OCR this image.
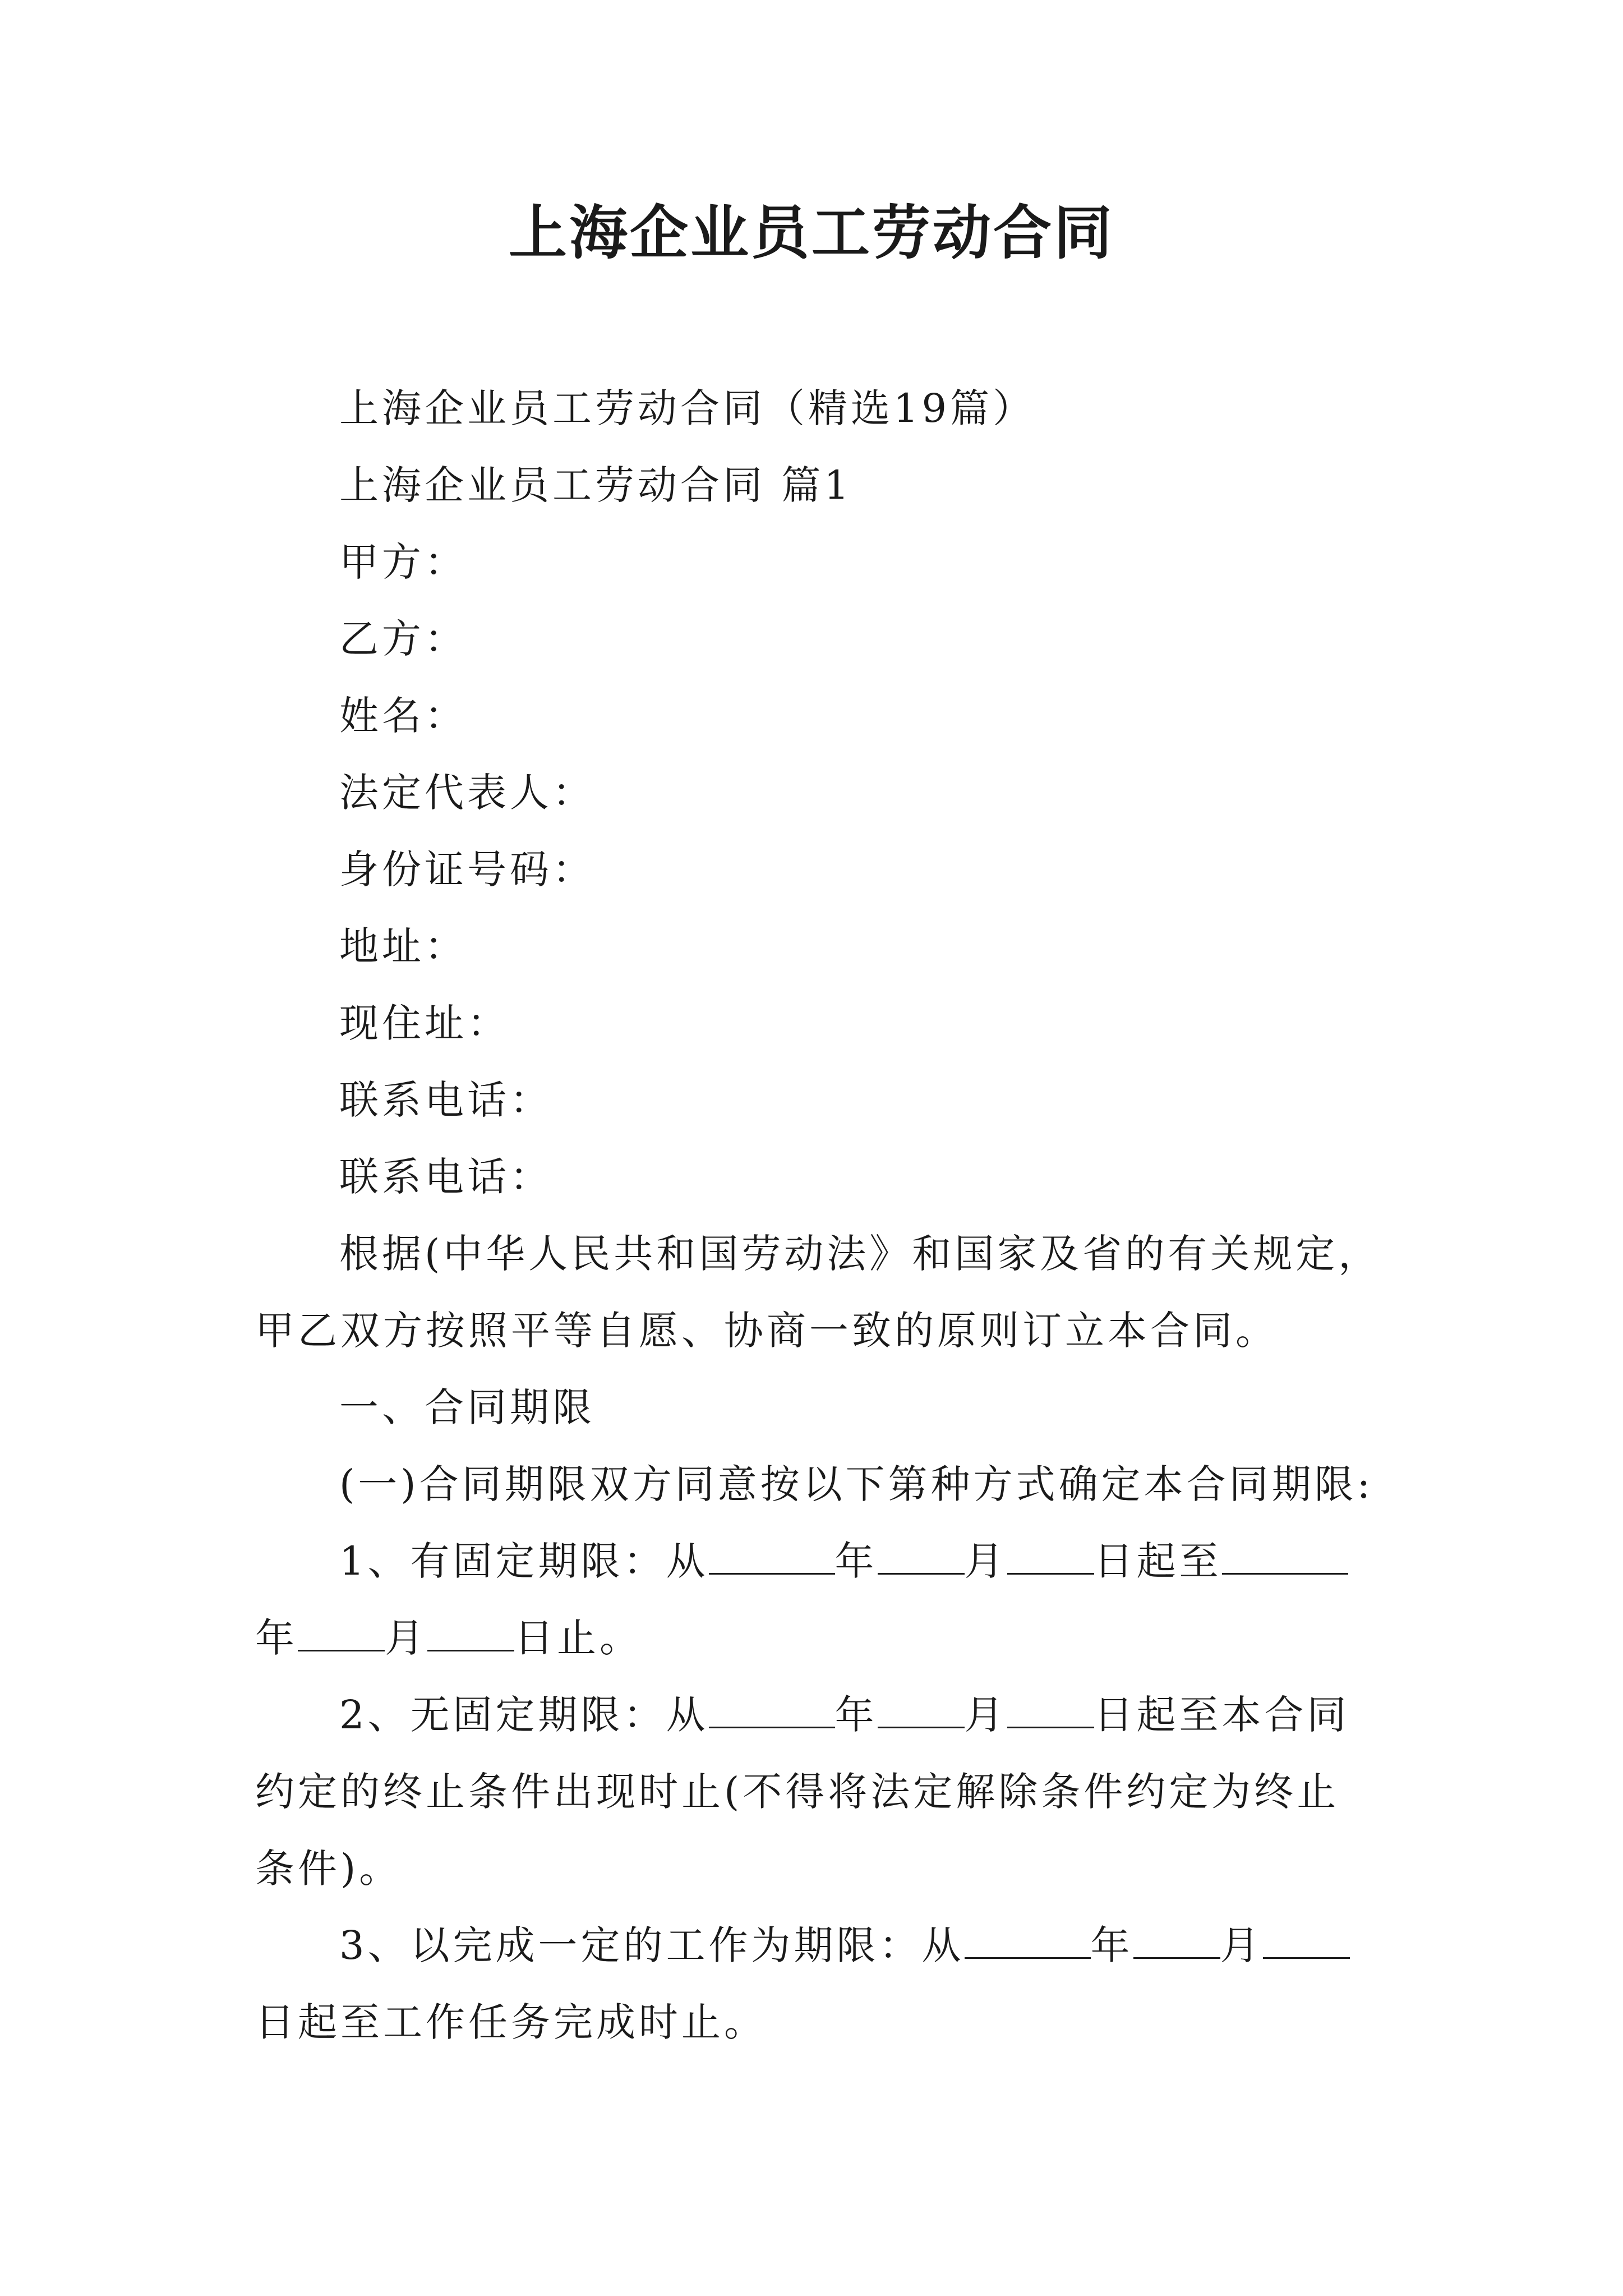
上海企业员工劳动合同

上海企业员工劳动合同（精选19篇）

上海企业员工劳动合同 篇1

甲方：

乙方：

姓名：

法定代表人：

身份证号码：

地址：

现住址：

联系电话：

联系电话：

根据(中华人民共和国劳动法》和国家及省的有关规定，

甲乙双方按照平等自愿、协商一致的原则订立本合同。

一、合同期限

(一)合同期限双方同意按以下第种方式确定本合同期限:

1、有固定期限：从	年 月 日起至

年 月 日止。

2、无固定期限：从	年 月 日起至本合同

约定的终止条件出现时止(不得将法定解除条件约定为终止

条件)。

3、以完成一定的工作为期限：从	年 月

日起至工作任务完成时止。
